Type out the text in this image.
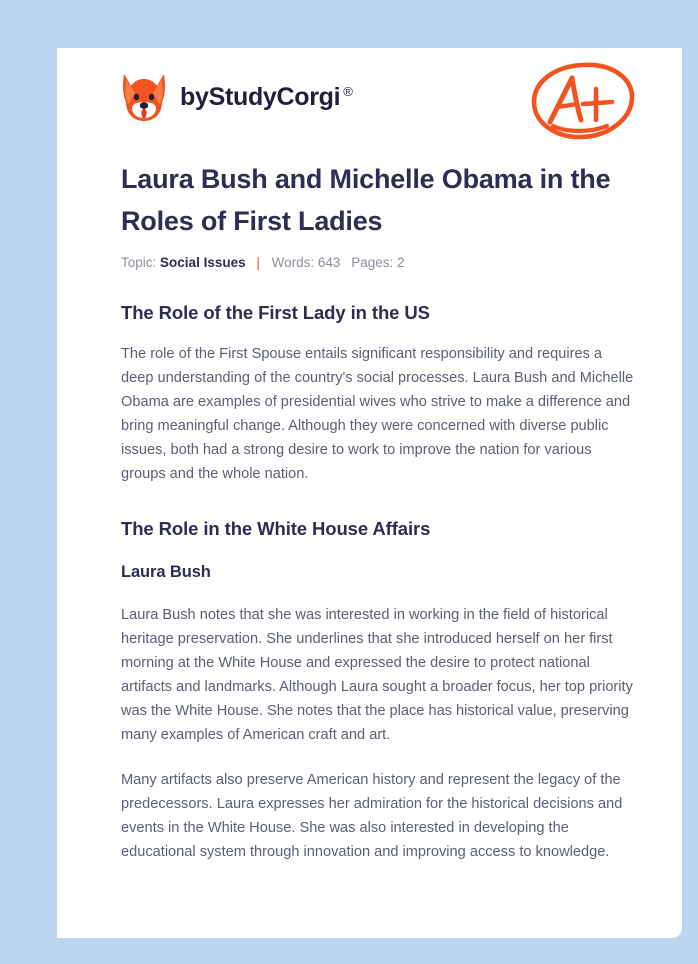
by StudyCorgi ®
Laura Bush and Michelle Obama in the Roles of First Ladies
Topic: Social Issues | Words: 643 Pages: 2
The Role of the First Lady in the US

The role of the First Spouse entails significant responsibility and requires a deep understanding of the country's social processes. Laura Bush and Michelle Obama are examples of presidential wives who strive to make a difference and bring meaningful change. Although they were concerned with diverse public issues, both had a strong desire to work to improve the nation for various groups and the whole nation.

The Role in the White House Affairs
Laura Bush

Laura Bush notes that she was interested in working in the field of historical heritage preservation. She underlines that she introduced herself on her first morning at the White House and expressed the desire to protect national artifacts and landmarks. Although Laura sought a broader focus, her top priority was the White House. She notes that the place has historical value, preserving many examples of American craft and art.

Many artifacts also preserve American history and represent the legacy of the predecessors. Laura expresses her admiration for the historical decisions and events in the White House. She was also interested in developing the educational system through innovation and improving access to knowledge.
